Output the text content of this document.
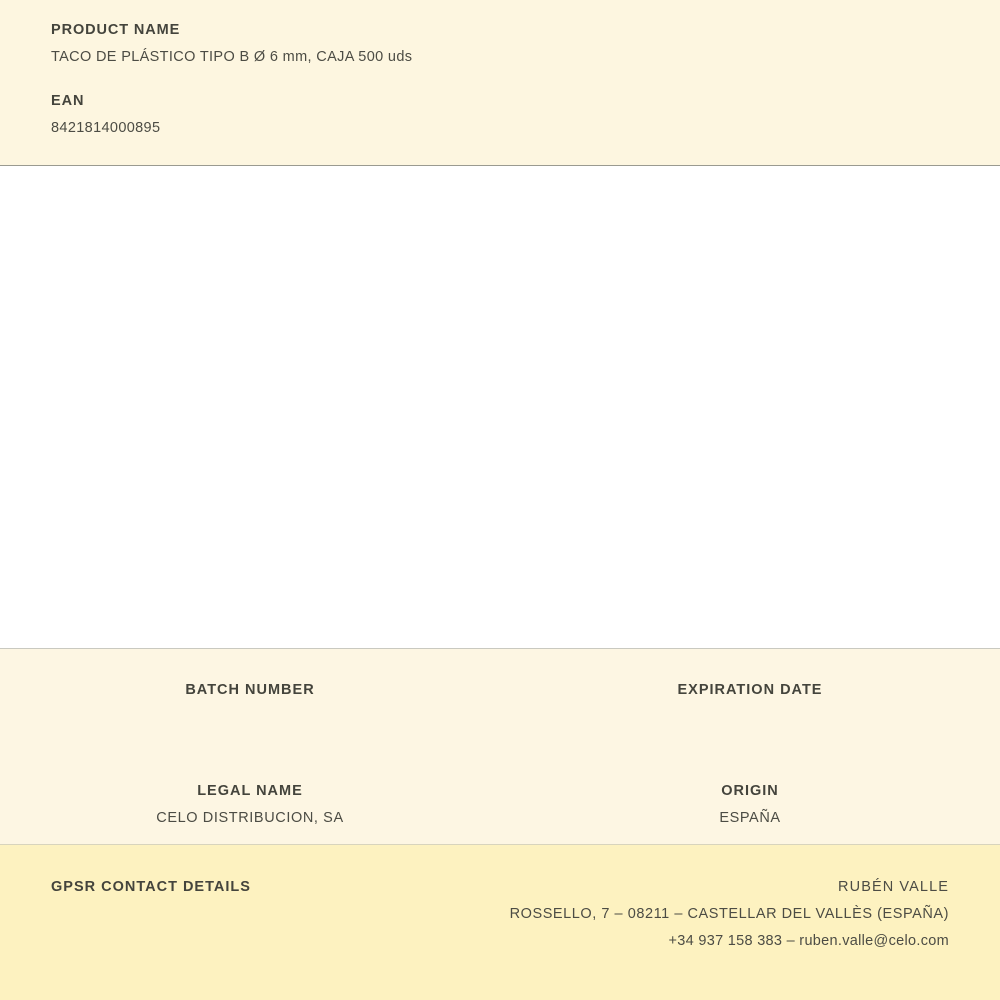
PRODUCT NAME
TACO DE PLÁSTICO TIPO B Ø 6 mm, CAJA 500 uds
EAN
8421814000895
BATCH NUMBER	EXPIRATION DATE
LEGAL NAME
CELO DISTRIBUCION, SA
ORIGIN
ESPAÑA
GPSR CONTACT DETAILS	RUBÉN VALLE
ROSSELLO, 7 – 08211 – CASTELLAR DEL VALLÈS (ESPAÑA)
+34 937 158 383 – ruben.valle@celo.com
